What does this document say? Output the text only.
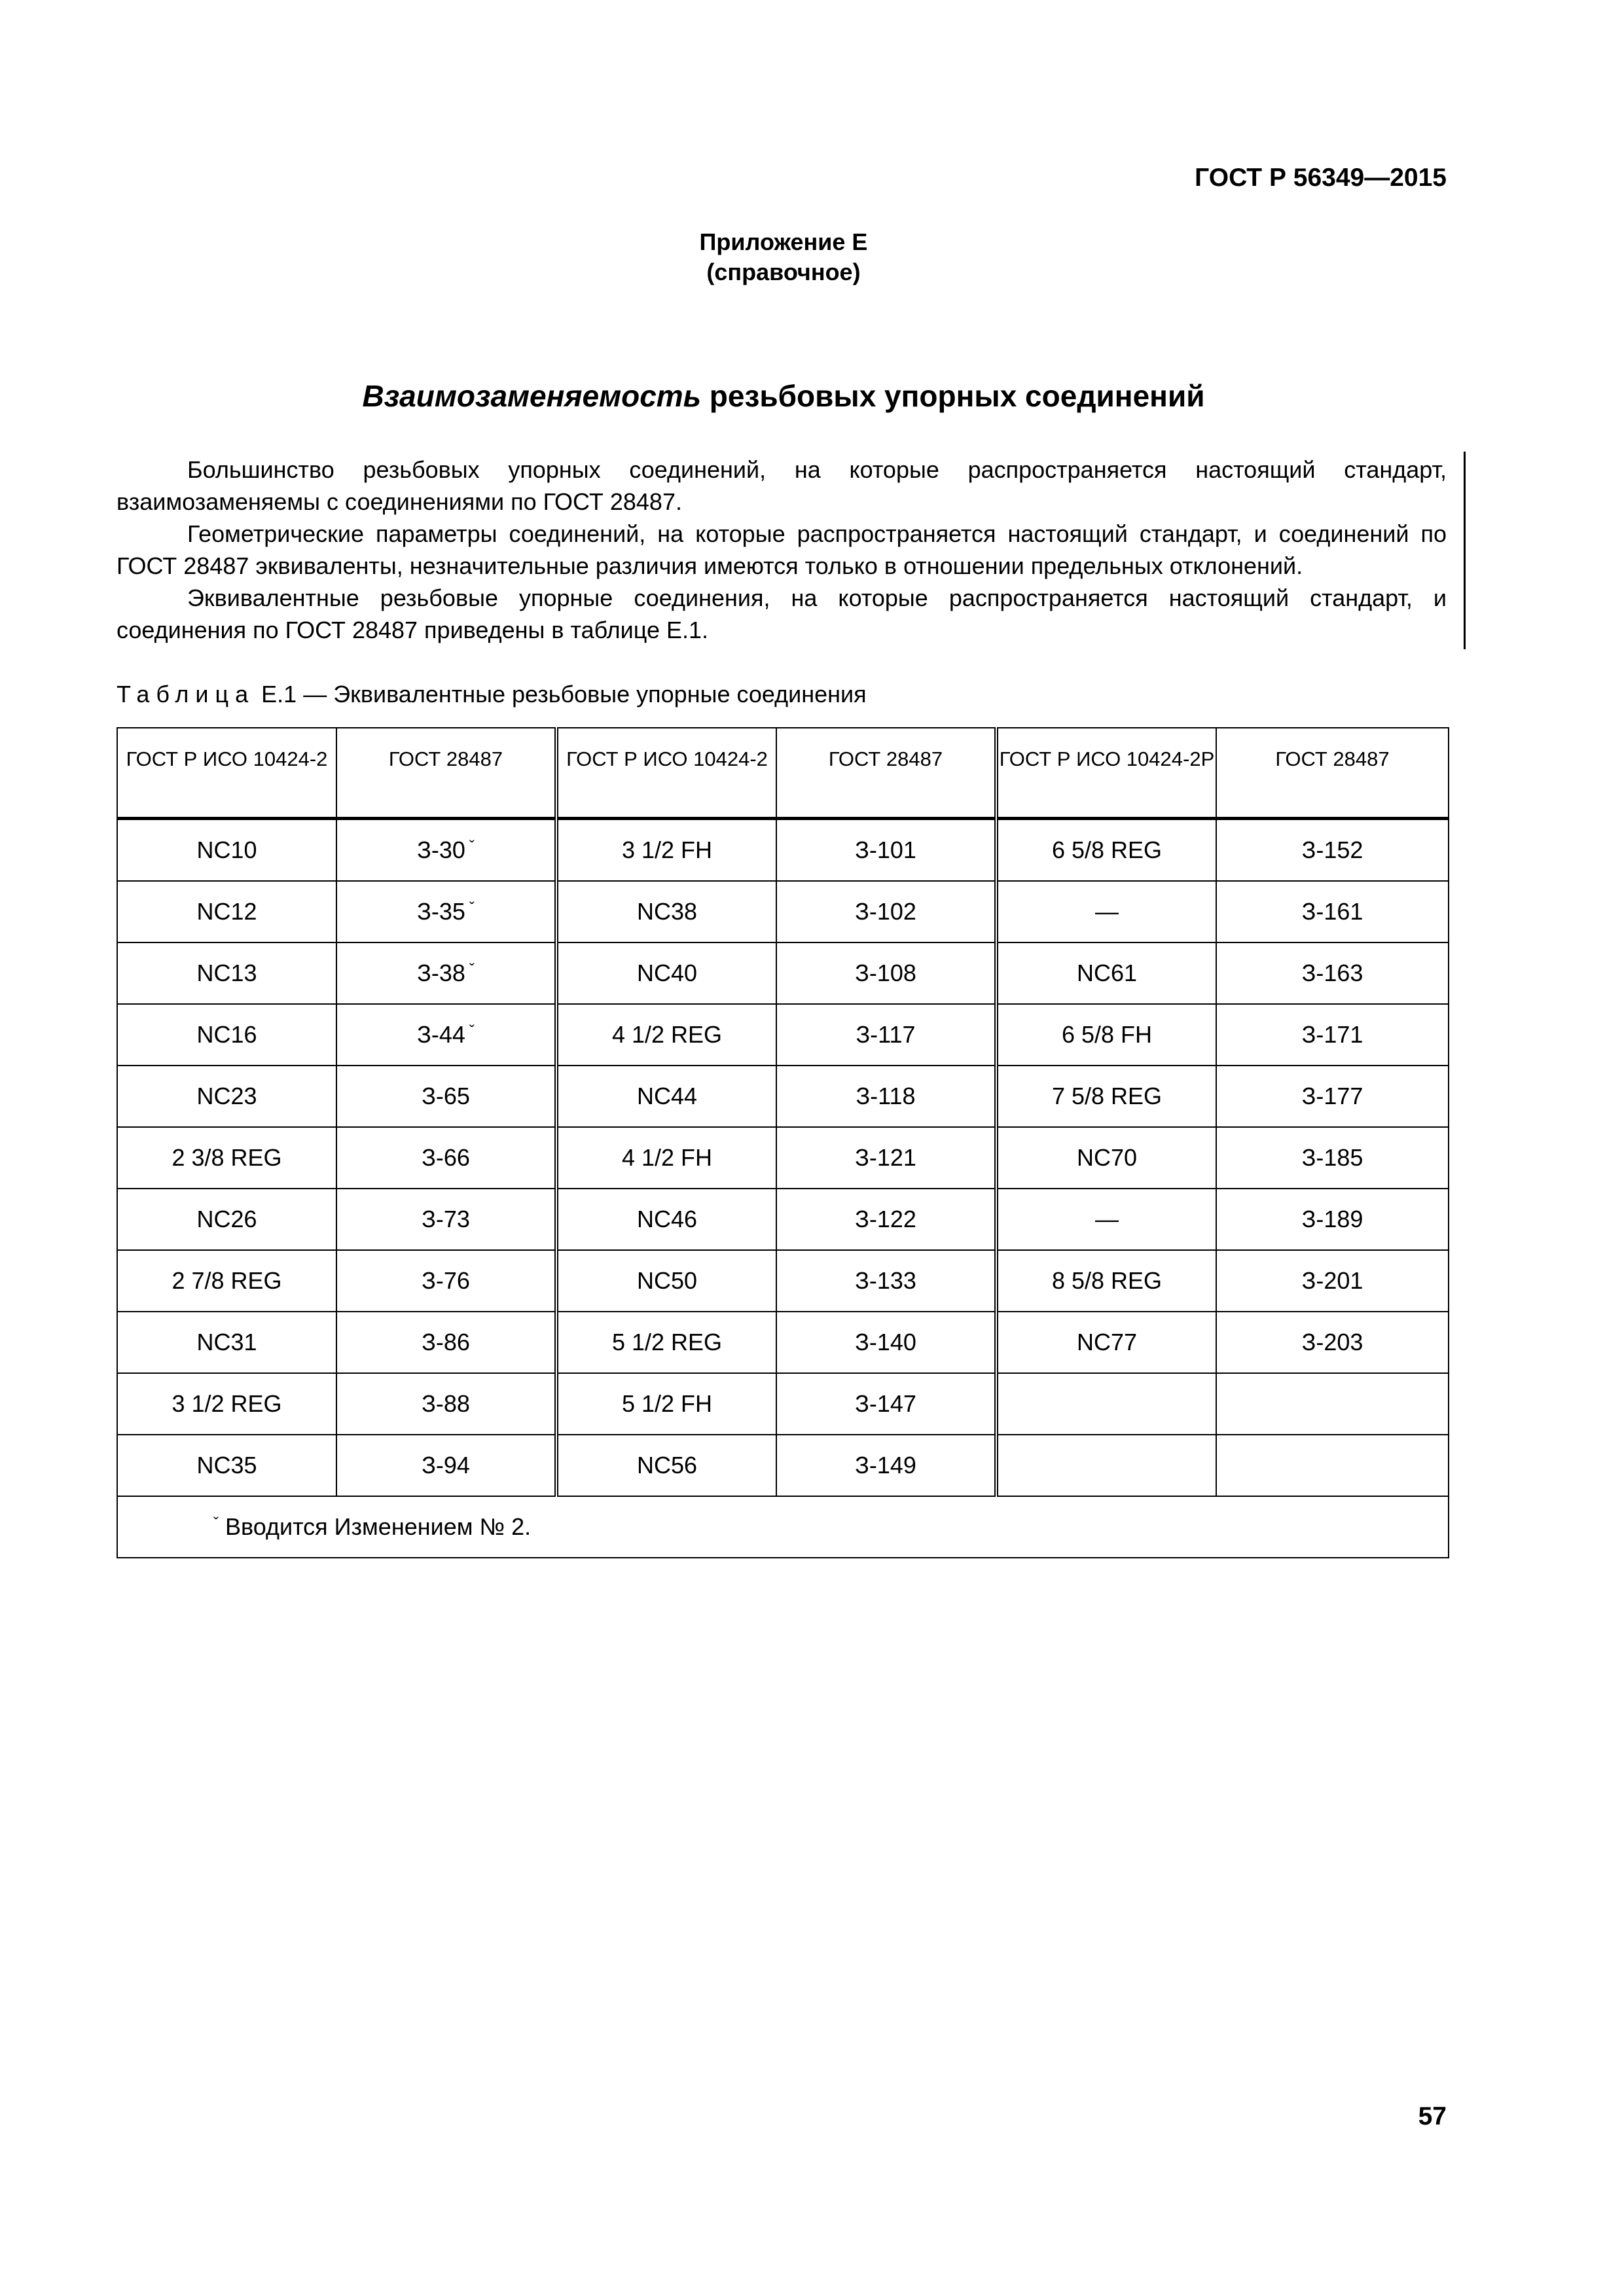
ГОСТ Р 56349—2015
Приложение Е
(справочное)
Взаимозаменяемость резьбовых упорных соединений

Большинство резьбовых упорных соединений, на которые распространяется настоящий стандарт, взаимозаменяемы с соединениями по ГОСТ 28487.

Геометрические параметры соединений, на которые распространяется настоящий стандарт, и соединений по ГОСТ 28487 эквиваленты, незначительные различия имеются только в отношении предельных отклонений.

Эквивалентные резьбовые упорные соединения, на которые распространяется настоящий стандарт, и соединения по ГОСТ 28487 приведены в таблице Е.1.

Таблица Е.1 — Эквивалентные резьбовые упорные соединения
ГОСТ Р ИСО 10424-2	ГОСТ 28487	ГОСТ Р ИСО 10424-2	ГОСТ 28487	ГОСТ Р ИСО 10424-2Р	ГОСТ 28487
NC10	З-30 $^ˇ$	3 1/2 FH	З-101	6 5/8 REG	З-152
NC12	З-35 $^ˇ$	NC38	З-102	—	З-161
NC13	З-38 $^ˇ$	NC40	З-108	NC61	З-163
NC16	З-44 $^ˇ$	4 1/2 REG	З-117	6 5/8 FH	З-171
NC23	З-65	NC44	З-118	7 5/8 REG	З-177
2 3/8 REG	З-66	4 1/2 FH	З-121	NC70	З-185
NC26	З-73	NC46	З-122	—	З-189
2 7/8 REG	З-76	NC50	З-133	8 5/8 REG	З-201
NC31	З-86	5 1/2 REG	З-140	NC77	З-203
3 1/2 REG	З-88	5 1/2 FH	З-147		
NC35	З-94	NC56	З-149		
$^ˇ$ Вводится Изменением № 2.					
57
